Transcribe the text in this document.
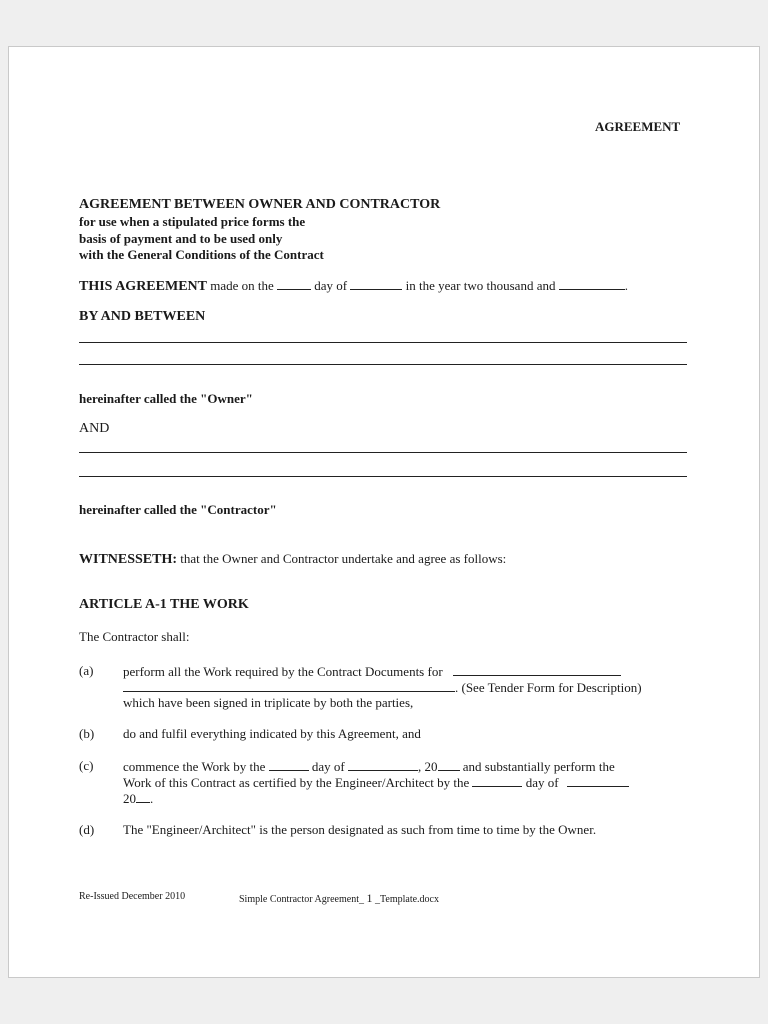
AGREEMENT
AGREEMENT BETWEEN OWNER AND CONTRACTOR
for use when a stipulated price forms the
basis of payment and to be used only
with the General Conditions of the Contract
THIS AGREEMENT made on the	day of	in the year two thousand and	.
BY AND BETWEEN
hereinafter called the "Owner"
AND
hereinafter called the "Contractor"
WITNESSETH: that the Owner and Contractor undertake and agree as follows:
ARTICLE A-1 THE WORK
The Contractor shall:
(a) perform all the Work required by the Contract Documents for
. (See Tender Form for Description)
which have been signed in triplicate by both the parties,
(b) do and fulfil everything indicated by this Agreement, and
(c) commence the Work by the	day of	, 20 and substantially perform the
Work of this Contract as certified by the Engineer/Architect by the	day of
20 .
(d) The "Engineer/Architect" is the person designated as such from time to time by the Owner.
Re-Issued December 2010	Simple Contractor Agreement_ 1 _Template.docx
